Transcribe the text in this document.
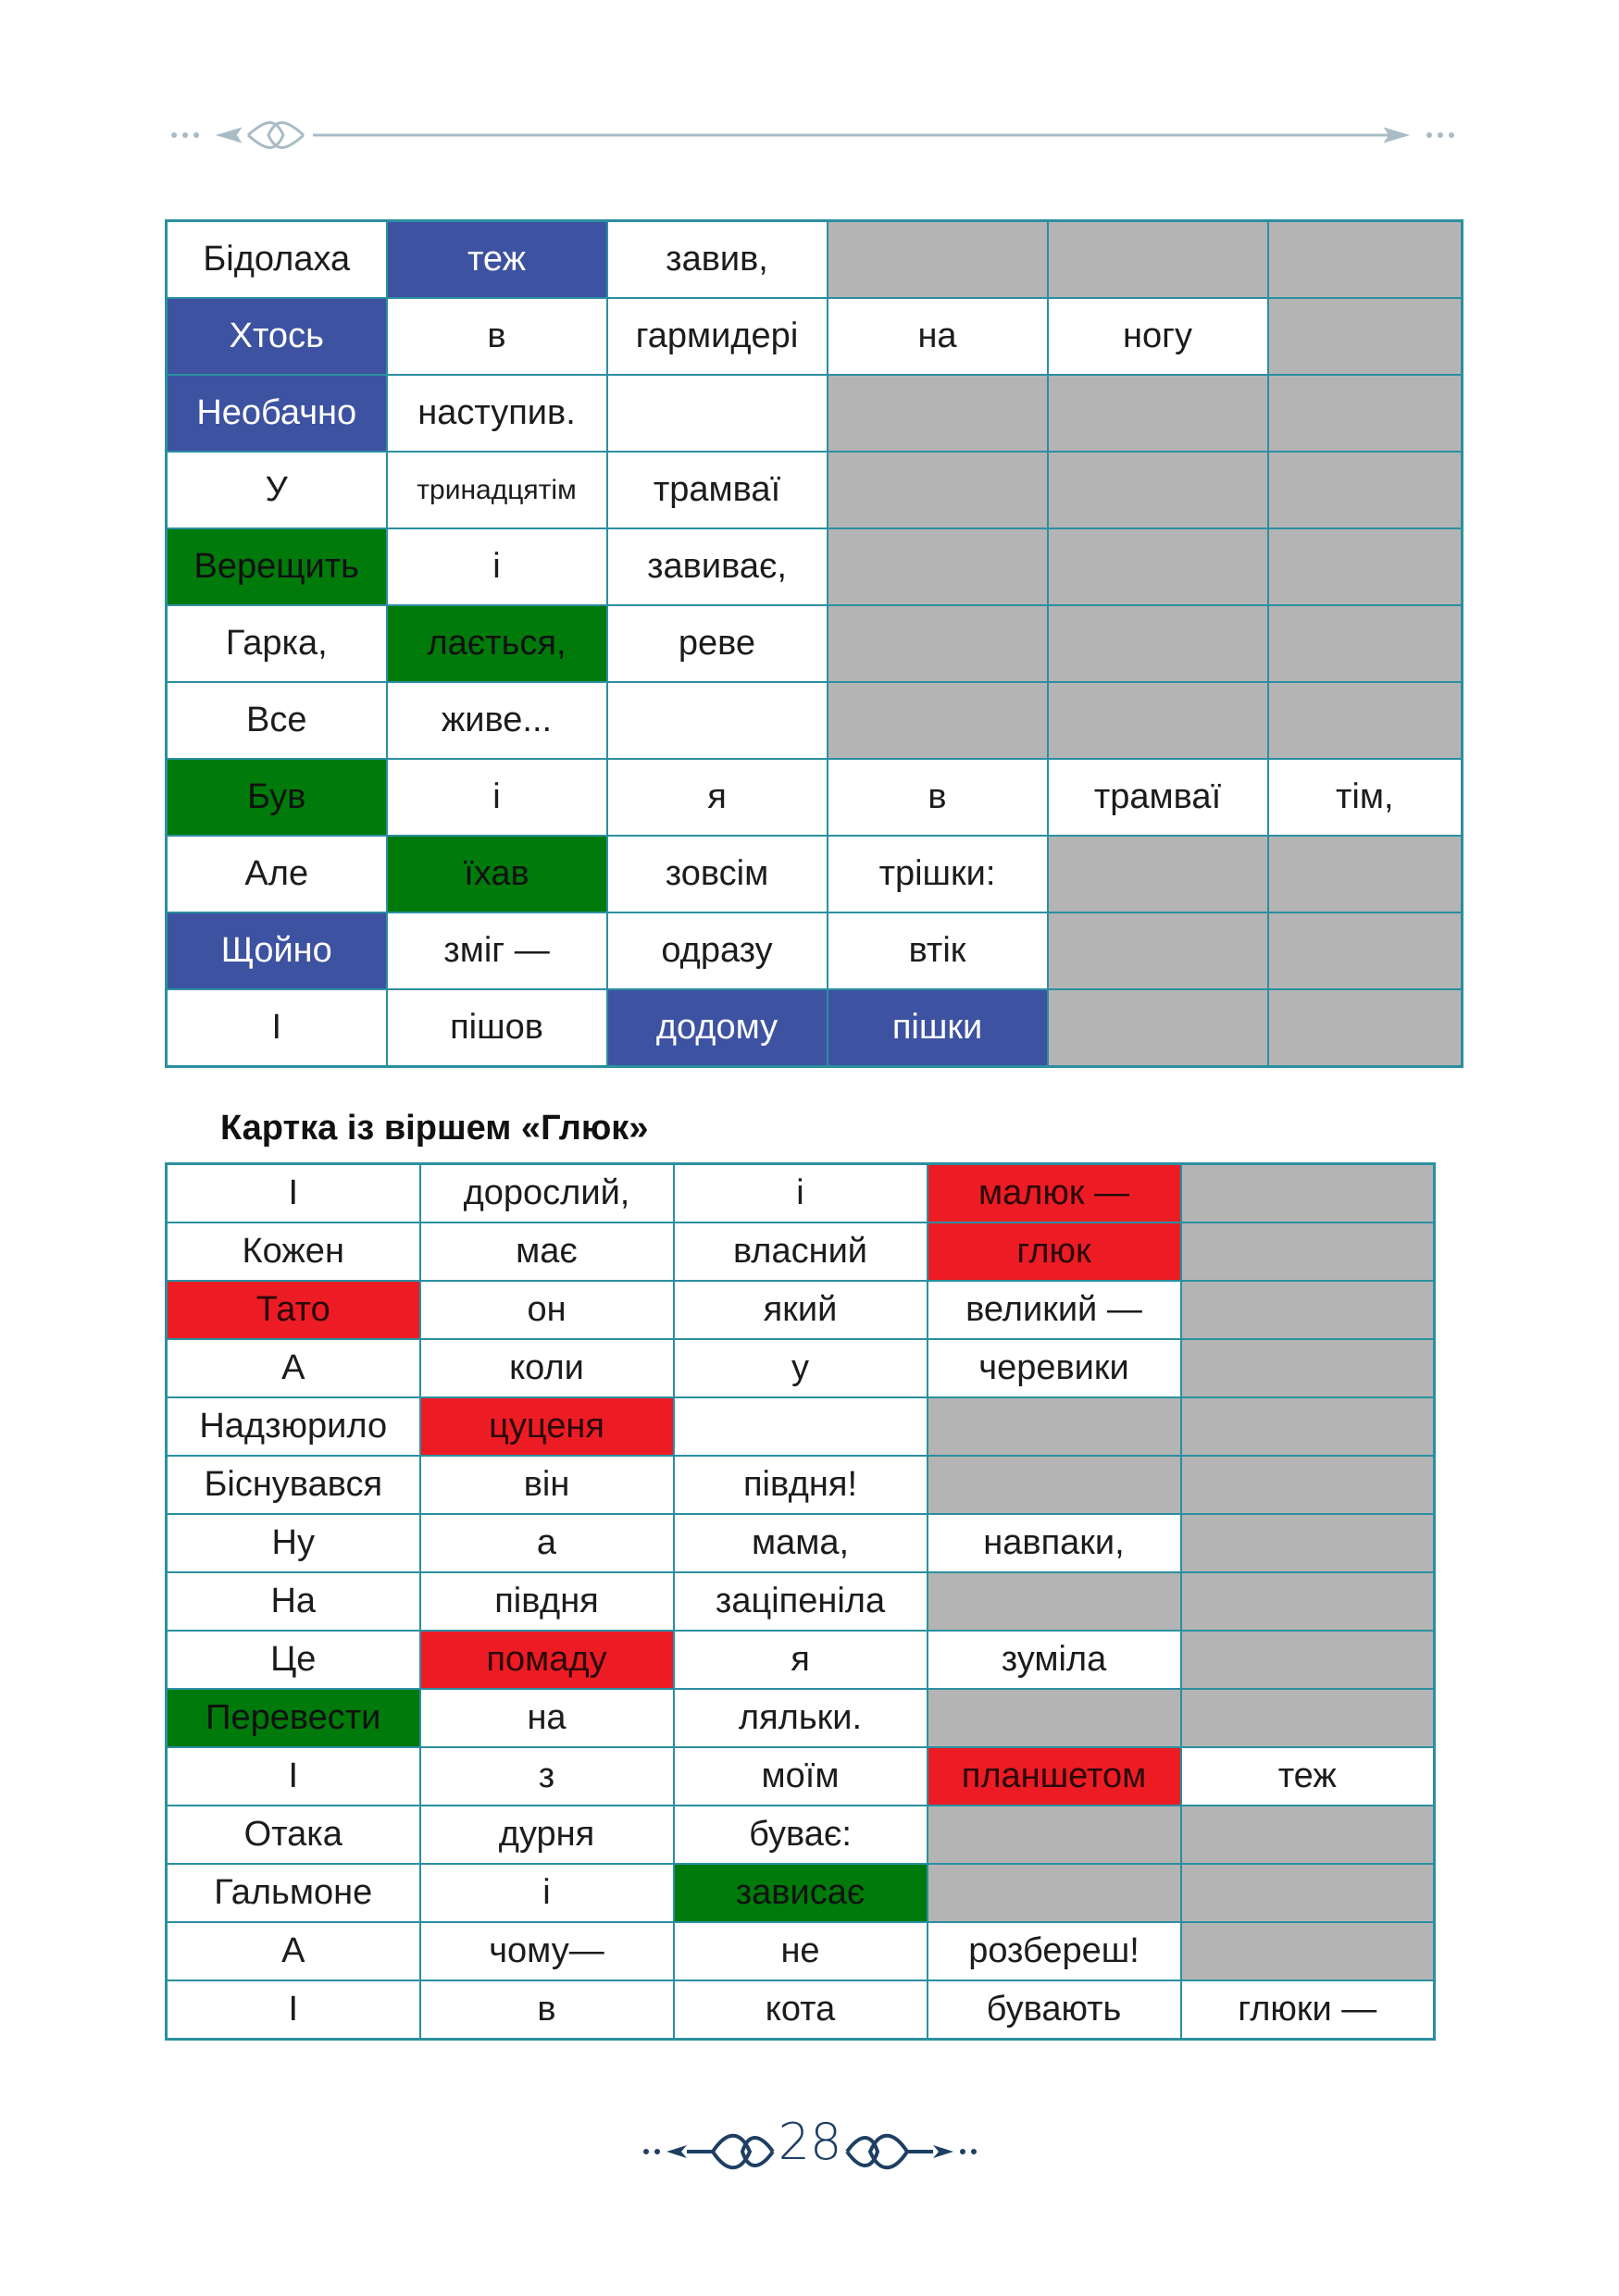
Бідолаха	теж	завив,			
Хтось	в	гармидері	на	ногу	
Необачно	наступив.				
У	тринадцятім	трамваї			
Верещить	і	завиває,			
Гарка,	лається,	реве			
Все	живе...				
Був	і	я	в	трамваї	тім,
Але	їхав	зовсім	трішки:		
Щойно	зміг —	одразу	втік		
І	пішов	додому	пішки		
Картка із віршем «Глюк»
І	дорослий,	і	малюк —	
Кожен	має	власний	глюк	
Тато	он	який	великий —	
А	коли	у	черевики	
Надзюрило	цуценя			
Біснувався	він	півдня!		
Ну	а	мама,	навпаки,	
На	півдня	заціпеніла		
Це	помаду	я	зуміла	
Перевести	на	ляльки.		
І	з	моїм	планшетом	теж
Отака	дурня	буває:		
Гальмоне	і	зависає		
А	чому—	не	розбереш!	
І	в	кота	бувають	глюки —
28
